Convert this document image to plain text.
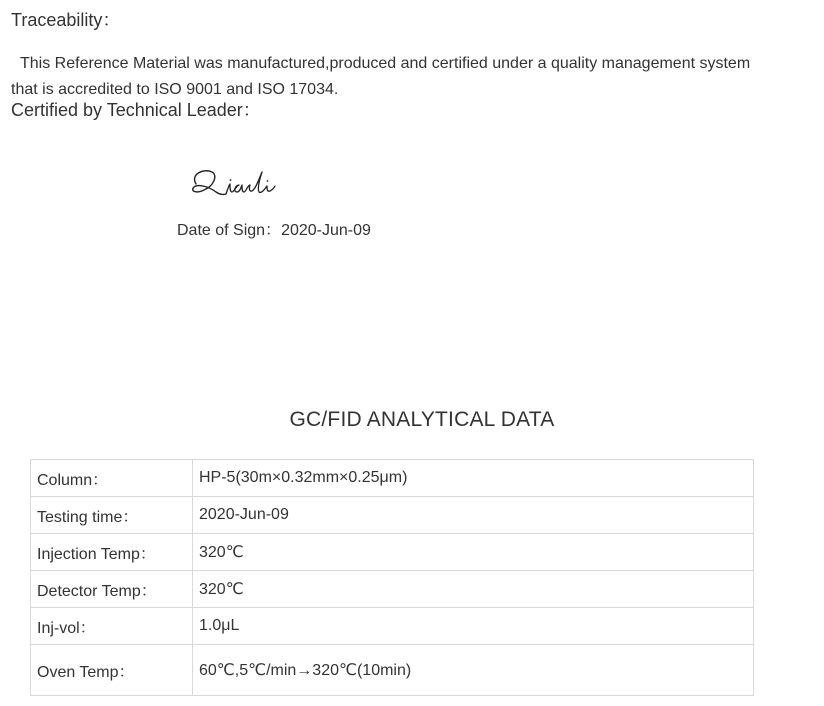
Traceability：
This Reference Material was manufactured,produced and certified under a quality management system
that is accredited to ISO 9001 and ISO 17034.
Certified by Technical Leader：
Date of Sign：2020-Jun-09
GC/FID ANALYTICAL DATA
Column：	HP-5(30m×0.32mm×0.25μm)
Testing time：	2020-Jun-09
Injection Temp：	320℃
Detector Temp：	320℃
Inj-vol：	1.0μL
Oven Temp：	60℃,5℃/min→320℃(10min)
